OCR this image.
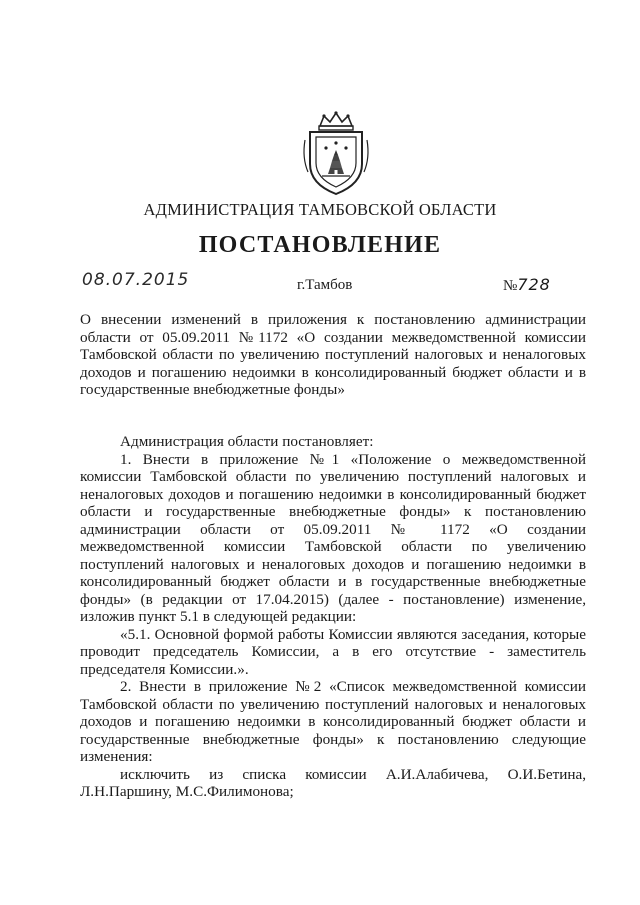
АДМИНИСТРАЦИЯ ТАМБОВСКОЙ ОБЛАСТИ
ПОСТАНОВЛЕНИЕ
08.07.2015	г.Тамбов	№728
О внесении изменений в приложения к постановлению администрации области от 05.09.2011 №1172 «О создании межведомственной комиссии Тамбовской области по увеличению поступлений налоговых и неналоговых доходов и погашению недоимки в консолидированный бюджет области и в государственные внебюджетные фонды»

Администрация области постановляет:

1. Внести в приложение №1 «Положение о межведомственной комиссии Тамбовской области по увеличению поступлений налоговых и неналоговых доходов и погашению недоимки в консолидированный бюджет области и государственные внебюджетные фонды» к постановлению администрации области от 05.09.2011 № 1172 «О создании межведомственной комиссии Тамбовской области по увеличению поступлений налоговых и неналоговых доходов и погашению недоимки в консолидированный бюджет области и в государственные внебюджетные фонды» (в редакции от 17.04.2015) (далее - постановление) изменение, изложив пункт 5.1 в следующей редакции:

«5.1. Основной формой работы Комиссии являются заседания, которые проводит председатель Комиссии, а в его отсутствие - заместитель председателя Комиссии.».

2. Внести в приложение №2 «Список межведомственной комиссии Тамбовской области по увеличению поступлений налоговых и неналоговых доходов и погашению недоимки в консолидированный бюджет области и государственные внебюджетные фонды» к постановлению следующие изменения:

исключить из списка комиссии А.И.Алабичева, О.И.Бетина, Л.Н.Паршину, М.С.Филимонова;
